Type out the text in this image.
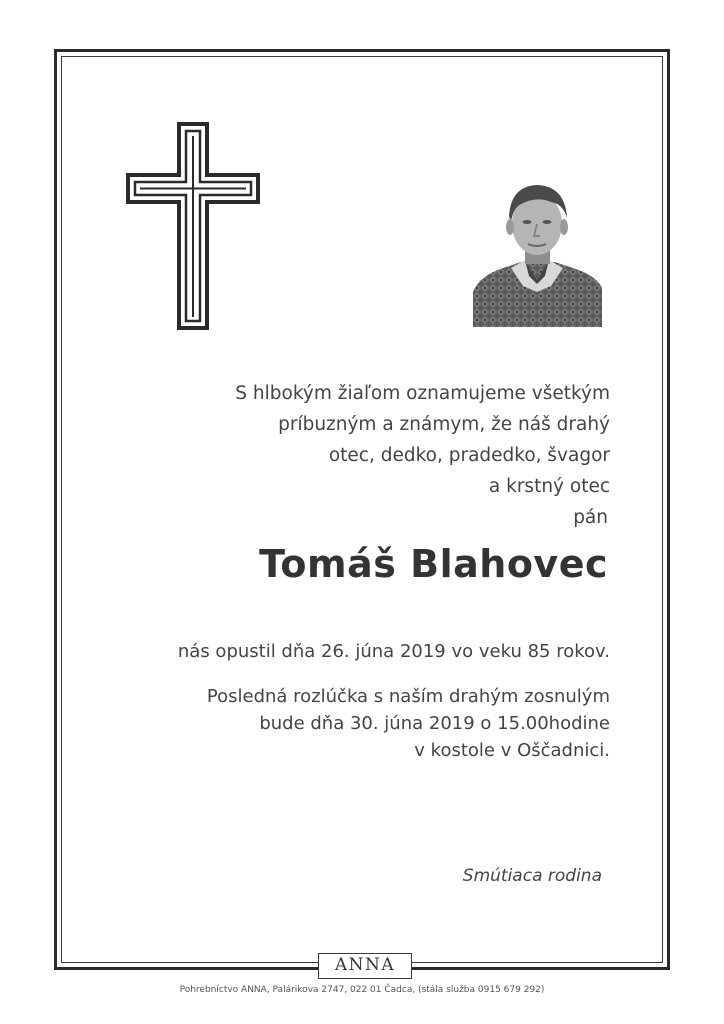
S hlbokým žiaľom oznamujeme všetkým
príbuzným a známym, že náš drahý
otec, dedko, pradedko, švagor
a krstný otec
pán
Tomáš Blahovec
nás opustil dňa 26. júna 2019 vo veku 85 rokov.
Posledná rozlúčka s naším drahým zosnulým
bude dňa 30. júna 2019 o 15.00hodine
v kostole v Oščadnici.
Smútiaca rodina
ANNA
Pohrebníctvo ANNA, Palárikova 2747, 022 01 Čadca, (stála služba 0915 679 292)
